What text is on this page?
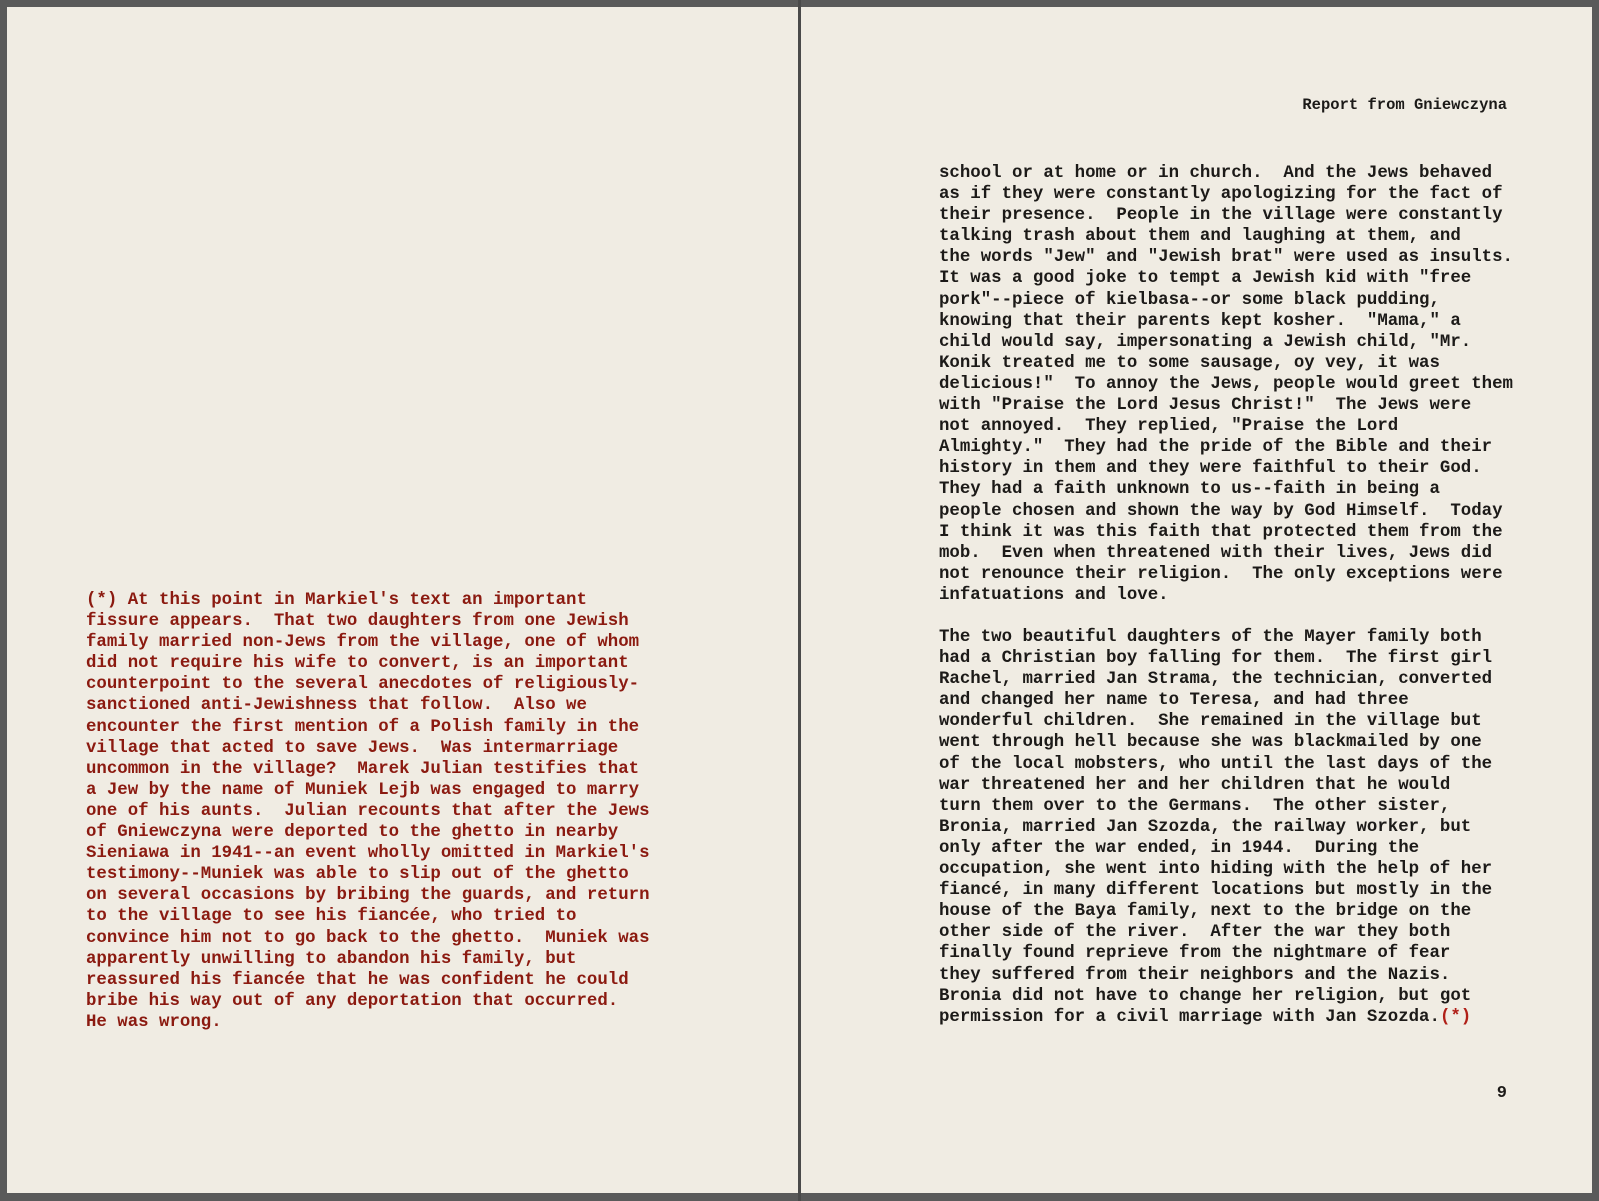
(*) At this point in Markiel's text an important
fissure appears.  That two daughters from one Jewish
family married non-Jews from the village, one of whom
did not require his wife to convert, is an important
counterpoint to the several anecdotes of religiously-
sanctioned anti-Jewishness that follow.  Also we
encounter the first mention of a Polish family in the
village that acted to save Jews.  Was intermarriage
uncommon in the village?  Marek Julian testifies that
a Jew by the name of Muniek Lejb was engaged to marry
one of his aunts.  Julian recounts that after the Jews
of Gniewczyna were deported to the ghetto in nearby
Sieniawa in 1941--an event wholly omitted in Markiel's
testimony--Muniek was able to slip out of the ghetto
on several occasions by bribing the guards, and return
to the village to see his fiancée, who tried to
convince him not to go back to the ghetto.  Muniek was
apparently unwilling to abandon his family, but
reassured his fiancée that he was confident he could
bribe his way out of any deportation that occurred.
He was wrong.
Report from Gniewczyna
school or at home or in church.  And the Jews behaved
as if they were constantly apologizing for the fact of
their presence.  People in the village were constantly
talking trash about them and laughing at them, and
the words "Jew" and "Jewish brat" were used as insults.
It was a good joke to tempt a Jewish kid with "free
pork"--piece of kielbasa--or some black pudding,
knowing that their parents kept kosher.  "Mama," a
child would say, impersonating a Jewish child, "Mr.
Konik treated me to some sausage, oy vey, it was
delicious!"  To annoy the Jews, people would greet them
with "Praise the Lord Jesus Christ!"  The Jews were
not annoyed.  They replied, "Praise the Lord
Almighty."  They had the pride of the Bible and their
history in them and they were faithful to their God.
They had a faith unknown to us--faith in being a
people chosen and shown the way by God Himself.  Today
I think it was this faith that protected them from the
mob.  Even when threatened with their lives, Jews did
not renounce their religion.  The only exceptions were
infatuations and love.
The two beautiful daughters of the Mayer family both
had a Christian boy falling for them.  The first girl
Rachel, married Jan Strama, the technician, converted
and changed her name to Teresa, and had three
wonderful children.  She remained in the village but
went through hell because she was blackmailed by one
of the local mobsters, who until the last days of the
war threatened her and her children that he would
turn them over to the Germans.  The other sister,
Bronia, married Jan Szozda, the railway worker, but
only after the war ended, in 1944.  During the
occupation, she went into hiding with the help of her
fiancé, in many different locations but mostly in the
house of the Baya family, next to the bridge on the
other side of the river.  After the war they both
finally found reprieve from the nightmare of fear
they suffered from their neighbors and the Nazis.
Bronia did not have to change her religion, but got
permission for a civil marriage with Jan Szozda.(*)
9
